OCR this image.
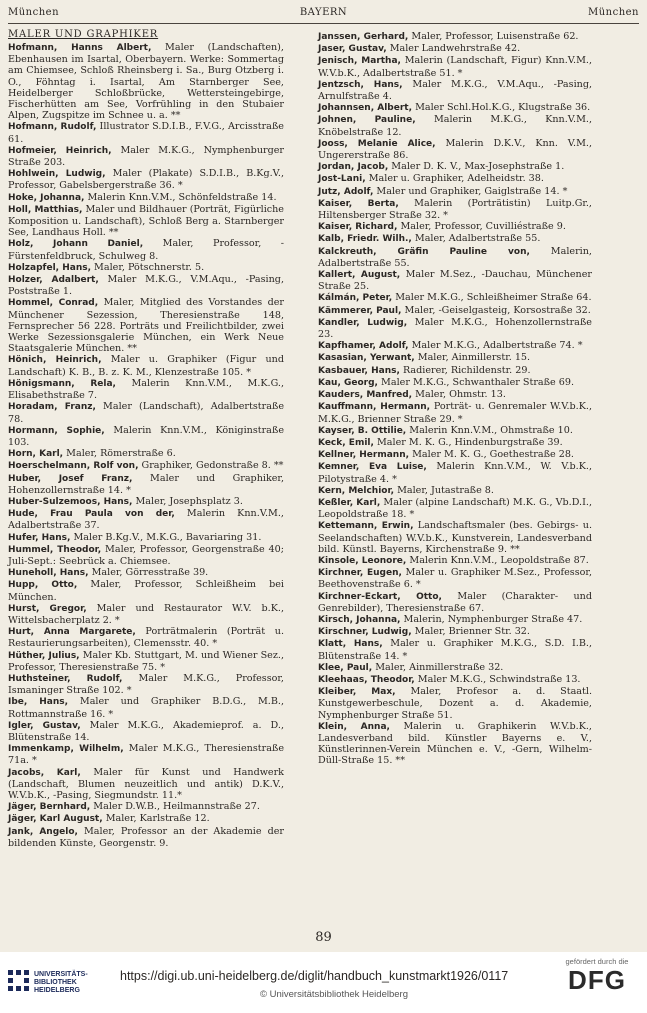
München	BAYERN	München
MALER UND GRAPHIKER
Hofmann, Hanns Albert, Maler (Landschaften), Ebenhausen im Isartal, Oberbayern. Werke: Sommertag am Chiemsee, Schloß Rheinsberg i. Sa., Burg Otzberg i. O., Föhntag i. Isartal, Am Starnberger See, Heidelberger Schloßbrücke, Wettersteingebirge, Fischerhütten am See, Vorfrühling in den Stubaier Alpen, Zugspitze im Schnee u. a. **
Hofmann, Rudolf, Illustrator S.D.I.B., F.V.G., Arcisstraße 61.
Hofmeier, Heinrich, Maler M.K.G., Nymphenburger Straße 203.
Hohlwein, Ludwig, Maler (Plakate) S.D.I.B., B.Kg.V., Professor, Gabelsbergerstraße 36. *
Hoke, Johanna, Malerin Knn.V.M., Schönfeldstraße 14.
Holl, Matthias, Maler und Bildhauer (Porträt, Figürliche Komposition u. Landschaft), Schloß Berg a. Starnberger See, Landhaus Holl. **
Holz, Johann Daniel, Maler, Professor, -Fürstenfeldbruck, Schulweg 8.
Holzapfel, Hans, Maler, Pötschnerstr. 5.
Holzer, Adalbert, Maler M.K.G., V.M.Aqu., -Pasing, Poststraße 1.
Hommel, Conrad, Maler, Mitglied des Vorstandes der Münchener Sezession, Theresienstraße 148, Fernsprecher 56 228. Porträts und Freilichtbilder, zwei Werke Sezessionsgalerie München, ein Werk Neue Staatsgalerie München. **
Hönich, Heinrich, Maler u. Graphiker (Figur und Landschaft) K. B., B. z. K. M., Klenzestraße 105. *
Hönigsmann, Rela, Malerin Knn.V.M., M.K.G., Elisabethstraße 7.
Horadam, Franz, Maler (Landschaft), Adalbertstraße 78.
Hormann, Sophie, Malerin Knn.V.M., Königinstraße 103.
Horn, Karl, Maler, Römerstraße 6.
Hoerschelmann, Rolf von, Graphiker, Gedonstraße 8. **
Huber, Josef Franz, Maler und Graphiker, Hohenzollernstraße 14. *
Huber-Sulzemoos, Hans, Maler, Josephsplatz 3.
Hude, Frau Paula von der, Malerin Knn.V.M., Adalbertstraße 37.
Hufer, Hans, Maler B.Kg.V., M.K.G., Bavariaring 31.
Hummel, Theodor, Maler, Professor, Georgenstraße 40; Juli-Sept.: Seebrück a. Chiemsee.
Huneholl, Hans, Maler, Görresstraße 39.
Hupp, Otto, Maler, Professor, Schleißheim bei München.
Hurst, Gregor, Maler und Restaurator W.V. b.K., Wittelsbacherplatz 2. *
Hurt, Anna Margarete, Porträtmalerin (Porträt u. Restaurierungsarbeiten), Clemensstr. 40. *
Hüther, Julius, Maler Kb. Stuttgart, M. und Wiener Sez., Professor, Theresienstraße 75. *
Huthsteiner, Rudolf, Maler M.K.G., Professor, Ismaninger Straße 102. *
Ibe, Hans, Maler und Graphiker B.D.G., M.B., Rottmannstraße 16. *
Igler, Gustav, Maler M.K.G., Akademieprof. a. D., Blütenstraße 14.
Immenkamp, Wilhelm, Maler M.K.G., Theresienstraße 71a. *
Jacobs, Karl, Maler für Kunst und Handwerk (Landschaft, Blumen neuzeitlich und antik) D.K.V., W.V.b.K., -Pasing, Siegmundstr. 11.*
Jäger, Bernhard, Maler D.W.B., Heilmannstraße 27.
Jäger, Karl August, Maler, Karlstraße 12.
Jank, Angelo, Maler, Professor an der Akademie der bildenden Künste, Georgenstr. 9.
Janssen, Gerhard, Maler, Professor, Luisenstraße 62.
Jaser, Gustav, Maler Landwehrstraße 42.
Jenisch, Martha, Malerin (Landschaft, Figur) Knn.V.M., W.V.b.K., Adalbertstraße 51. *
Jentzsch, Hans, Maler M.K.G., V.M.Aqu., -Pasing, Arnulfstraße 4.
Johannsen, Albert, Maler Schl.Hol.K.G., Klugstraße 36.
Johnen, Pauline, Malerin M.K.G., Knn.V.M., Knöbelstraße 12.
Jooss, Melanie Alice, Malerin D.K.V., Knn. V.M., Ungererstraße 86.
Jordan, Jacob, Maler D. K. V., Max-Josephstraße 1.
Jost-Lani, Maler u. Graphiker, Adelheidstr. 38.
Jutz, Adolf, Maler und Graphiker, Gaiglstraße 14. *
Kaiser, Berta, Malerin (Porträtistin) Luitp.Gr., Hiltensberger Straße 32. *
Kaiser, Richard, Maler, Professor, Cuvilliéstraße 9.
Kalb, Friedr. Wilh., Maler, Adalbertstraße 55.
Kalckreuth, Gräfin Pauline von, Malerin, Adalbertstraße 55.
Kallert, August, Maler M.Sez., -Dauchau, Münchener Straße 25.
Kálmán, Peter, Maler M.K.G., Schleißheimer Straße 64.
Kämmerer, Paul, Maler, -Geiselgasteig, Korsostraße 32.
Kandler, Ludwig, Maler M.K.G., Hohenzollernstraße 23.
Kapfhamer, Adolf, Maler M.K.G., Adalbertstraße 74. *
Kasasian, Yerwant, Maler, Ainmillerstr. 15.
Kasbauer, Hans, Radierer, Richildenstr. 29.
Kau, Georg, Maler M.K.G., Schwanthaler Straße 69.
Kauders, Manfred, Maler, Ohmstr. 13.
Kauffmann, Hermann, Porträt- u. Genremaler W.V.b.K., M.K.G., Brienner Straße 29. *
Kayser, B. Ottilie, Malerin Knn.V.M., Ohmstraße 10.
Keck, Emil, Maler M. K. G., Hindenburgstraße 39.
Kellner, Hermann, Maler M. K. G., Goethestraße 28.
Kemner, Eva Luise, Malerin Knn.V.M., W. V.b.K., Pilotystraße 4. *
Kern, Melchior, Maler, Jutastraße 8.
Keßler, Karl, Maler (alpine Landschaft) M.K. G., Vb.D.I., Leopoldstraße 18. *
Kettemann, Erwin, Landschaftsmaler (bes. Gebirgs- u. Seelandschaften) W.V.b.K., Kunstverein, Landesverband bild. Künstl. Bayerns, Kirchenstraße 9. **
Kinsole, Leonore, Malerin Knn.V.M., Leopoldstraße 87.
Kirchner, Eugen, Maler u. Graphiker M.Sez., Professor, Beethovenstraße 6. *
Kirchner-Eckart, Otto, Maler (Charakter- und Genrebilder), Theresienstraße 67.
Kirsch, Johanna, Malerin, Nymphenburger Straße 47.
Kirschner, Ludwig, Maler, Brienner Str. 32.
Klatt, Hans, Maler u. Graphiker M.K.G., S.D. I.B., Blütenstraße 14. *
Klee, Paul, Maler, Ainmillerstraße 32.
Kleehaas, Theodor, Maler M.K.G., Schwindstraße 13.
Kleiber, Max, Maler, Profesor a. d. Staatl. Kunstgewerbeschule, Dozent a. d. Akademie, Nymphenburger Straße 51.
Klein, Anna, Malerin u. Graphikerin W.V.b.K., Landesverband bild. Künstler Bayerns e. V., Künstlerinnen-Verein München e. V., -Gern, Wilhelm-Düll-Straße 15. **
89
UNIVERSITÄTS-BIBLIOTHEK HEIDELBERG
https://digi.ub.uni-heidelberg.de/diglit/handbuch_kunstmarkt1926/0117
© Universitätsbibliothek Heidelberg
gefördert durch die
DFG
